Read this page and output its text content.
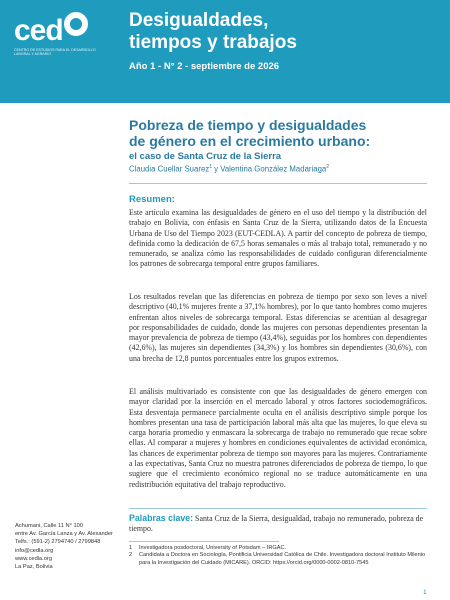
ced
CENTRO DE ESTUDIOS PARA EL DESARROLLO LABORAL Y AGRARIO
Desigualdades,
tiempos y trabajos
Año 1 - N° 2 - septiembre de 2026
Pobreza de tiempo y desigualdades
de género en el crecimiento urbano:
el caso de Santa Cruz de la Sierra
Claudia Cuellar Suarez$^1$ y Valentina González Madariaga$^2$
Resumen:

Este artículo examina las desigualdades de género en el uso del tiempo y la distribución del trabajo en Bolivia, con énfasis en Santa Cruz de la Sierra, utilizando datos de la Encuesta Urbana de Uso del Tiempo 2023 (EUT-CEDLA). A partir del concepto de pobreza de tiempo, definida como la dedicación de 67,5 horas semanales o más al trabajo total, remunerado y no remunerado, se analiza cómo las responsabilidades de cuidado configuran diferencialmente los patrones de sobrecarga temporal entre grupos familiares.

Los resultados revelan que las diferencias en pobreza de tiempo por sexo son leves a nivel descriptivo (40,1% mujeres frente a 37,1% hombres), por lo que tanto hombres como mujeres enfrentan altos niveles de sobrecarga temporal. Estas diferencias se acentúan al desagregar por responsabilidades de cuidado, donde las mujeres con personas dependientes presentan la mayor prevalencia de pobreza de tiempo (43,4%), seguidas por los hombres con dependientes (42,6%), las mujeres sin dependientes (34,3%) y los hombres sin dependientes (30,6%), con una brecha de 12,8 puntos porcentuales entre los grupos extremos.

El análisis multivariado es consistente con que las desigualdades de género emergen con mayor claridad por la inserción en el mercado laboral y otros factores sociodemográficos. Esta desventaja permanece parcialmente oculta en el análisis descriptivo simple porque los hombres presentan una tasa de participación laboral más alta que las mujeres, lo que eleva su carga horaria promedio y enmascara la sobrecarga de trabajo no remunerado que recae sobre ellas. Al comparar a mujeres y hombres en condiciones equivalentes de actividad económica, las chances de experimentar pobreza de tiempo son mayores para las mujeres. Contrariamente a las expectativas, Santa Cruz no muestra patrones diferenciados de pobreza de tiempo, lo que sugiere que el crecimiento económico regional no se traduce automáticamente en una redistribución equitativa del trabajo reproductivo.

Palabras clave: Santa Cruz de la Sierra, desigualdad, trabajo no remunerado, pobreza de tiempo.
1	Investigadora posdoctoral, University of Potsdam – IRGAC.
2	Candidata a Doctora en Sociología, Pontificia Universidad Católica de Chile. Investigadora doctoral Instituto Milenio para la Investigación del Cuidado (MICARE). ORCID: https://orcid.org/0000-0002-0810-7545
Achumani, Calle 11 N° 100
entre Av. García Lanza y Av. Alexander
Telfs.: (591-2) 2794740 / 2799848
info@cedla.org
www.cedla.org
La Paz, Bolivia
1
